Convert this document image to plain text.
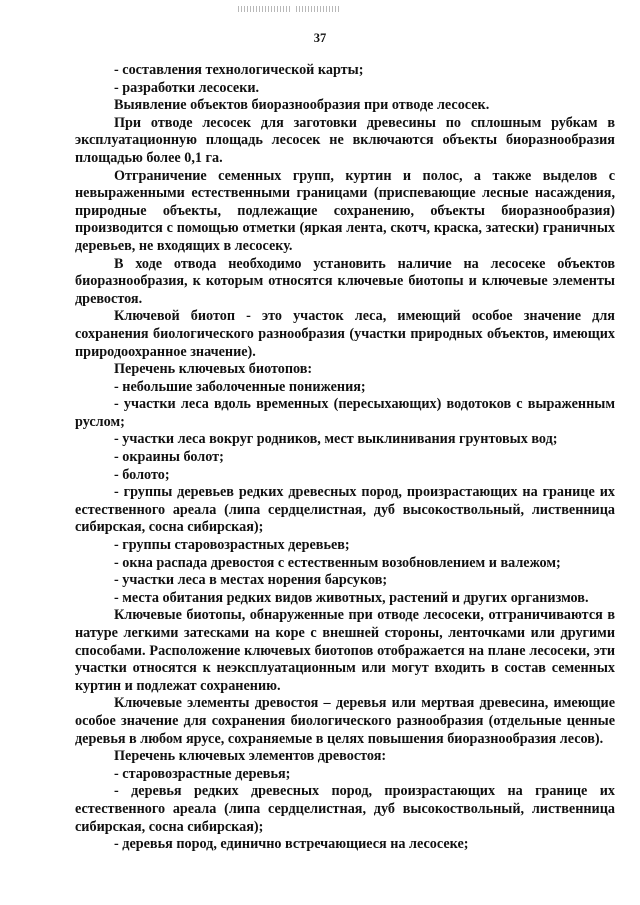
37

- составления технологической карты;

- разработки лесосеки.

Выявление объектов биоразнообразия при отводе лесосек.

При отводе лесосек для заготовки древесины по сплошным рубкам в эксплуатационную площадь лесосек не включаются объекты биоразнообразия площадью более 0,1 га.

Отграничение семенных групп, куртин и полос, а также выделов с невыраженными естественными границами (приспевающие лесные насаждения, природные объекты, подлежащие сохранению, объекты биоразнообразия) производится с помощью отметки (яркая лента, скотч, краска, затески) граничных деревьев, не входящих в лесосеку.

В ходе отвода необходимо установить наличие на лесосеке объектов биоразнообразия, к которым относятся ключевые биотопы и ключевые элементы древостоя.

Ключевой биотоп - это участок леса, имеющий особое значение для сохранения биологического разнообразия (участки природных объектов, имеющих природоохранное значение).

Перечень ключевых биотопов:

- небольшие заболоченные понижения;

- участки леса вдоль временных (пересыхающих) водотоков с выраженным руслом;

- участки леса вокруг родников, мест выклинивания грунтовых вод;

- окраины болот;

- болото;

- группы деревьев редких древесных пород, произрастающих на границе их естественного ареала (липа сердцелистная, дуб высокоствольный, лиственница сибирская, сосна сибирская);

- группы старовозрастных деревьев;

- окна распада древостоя с естественным возобновлением и валежом;

- участки леса в местах норения барсуков;

- места обитания редких видов животных, растений и других организмов.

Ключевые биотопы, обнаруженные при отводе лесосеки, отграничиваются в натуре легкими затесками на коре с внешней стороны, ленточками или другими способами. Расположение ключевых биотопов отображается на плане лесосеки, эти участки относятся к неэксплуатационным или могут входить в состав семенных куртин и подлежат сохранению.

Ключевые элементы древостоя – деревья или мертвая древесина, имеющие особое значение для сохранения биологического разнообразия (отдельные ценные деревья в любом ярусе, сохраняемые в целях повышения биоразнообразия лесов).

Перечень ключевых элементов древостоя:

- старовозрастные деревья;

- деревья редких древесных пород, произрастающих на границе их естественного ареала (липа сердцелистная, дуб высокоствольный, лиственница сибирская, сосна сибирская);

- деревья пород, единично встречающиеся на лесосеке;
